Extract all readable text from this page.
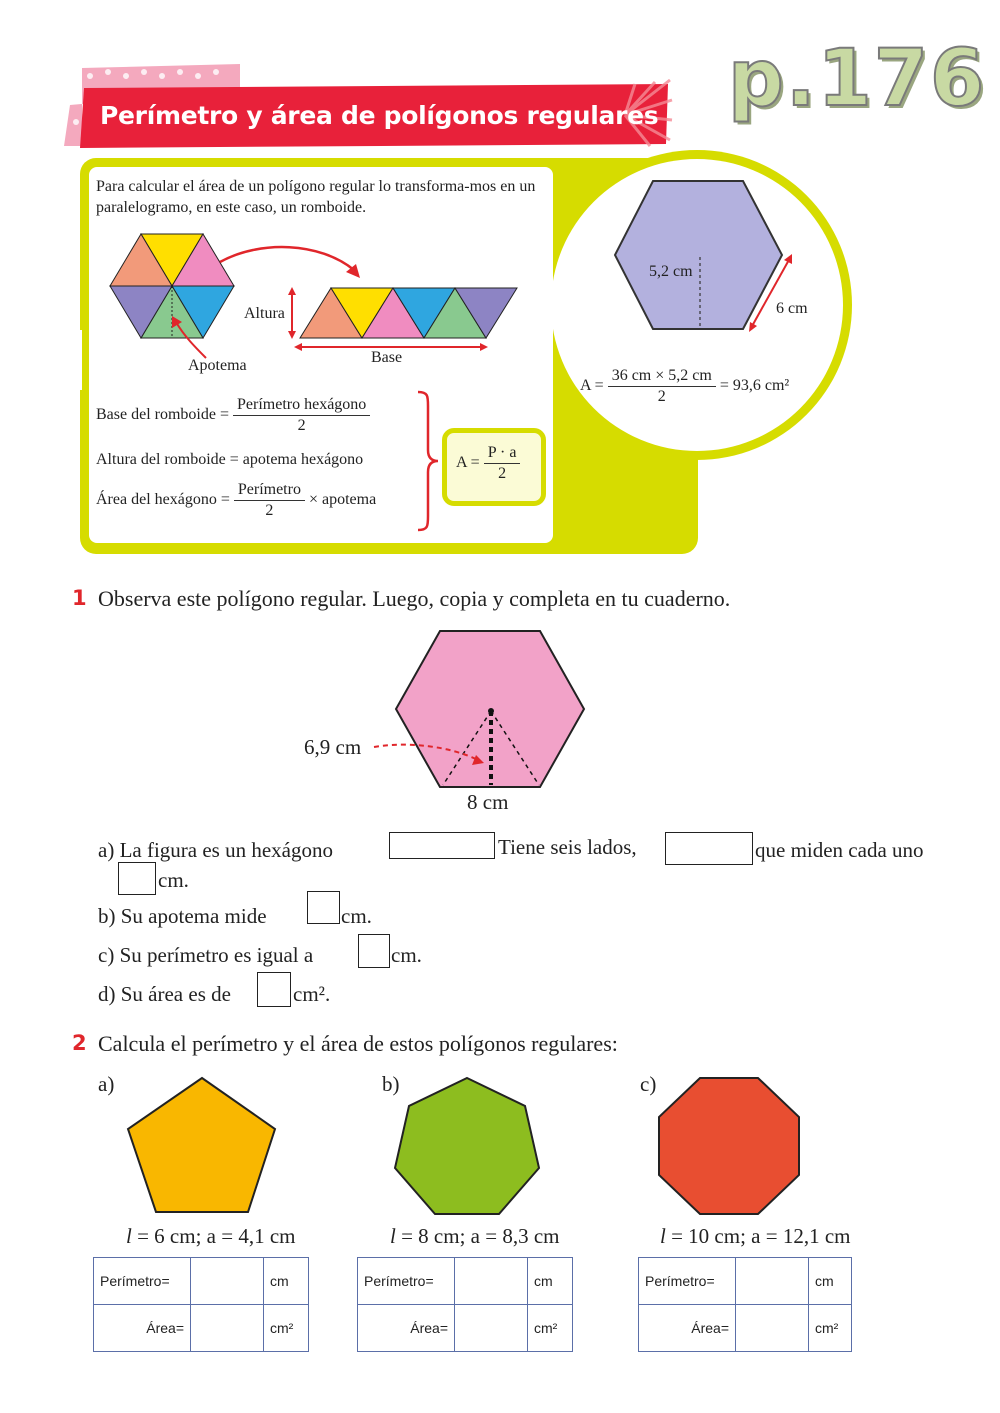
Perímetro y área de polígonos regulares p.176
Para calcular el área de un polígono regular lo transforma-mos en un paralelogramo, en este caso, un romboide.
Altura
Base
Apotema
Base del romboide = $\frac{\text{Perímetro hexágono}}{2}$
Altura del romboide = apotema hexágono
Área del hexágono = $\frac{\text{Perímetro}}{2}$ × apotema
$A = \frac{P \cdot a}{2}$
5,2 cm
6 cm
$A = \frac{36 cm \times 5,2 cm}{2} = 93,6$ cm²
1 Observa este polígono regular. Luego, copia y completa en tu cuaderno.
6,9 cm
8 cm
a) La figura es un hexágono	Tiene seis lados,	que miden cada uno
cm.
b) Su apotema mide	cm.
c) Su perímetro es igual a	cm.
d) Su área es de	cm².
2 Calcula el perímetro y el área de estos polígonos regulares:
a)
l = 6 cm; a = 4,1 cm
Perímetro=		cm
Área=		cm²
b)
l = 8 cm; a = 8,3 cm
Perímetro=		cm
Área=		cm²
c)
l = 10 cm; a = 12,1 cm
Perímetro=		cm
Área=		cm²
